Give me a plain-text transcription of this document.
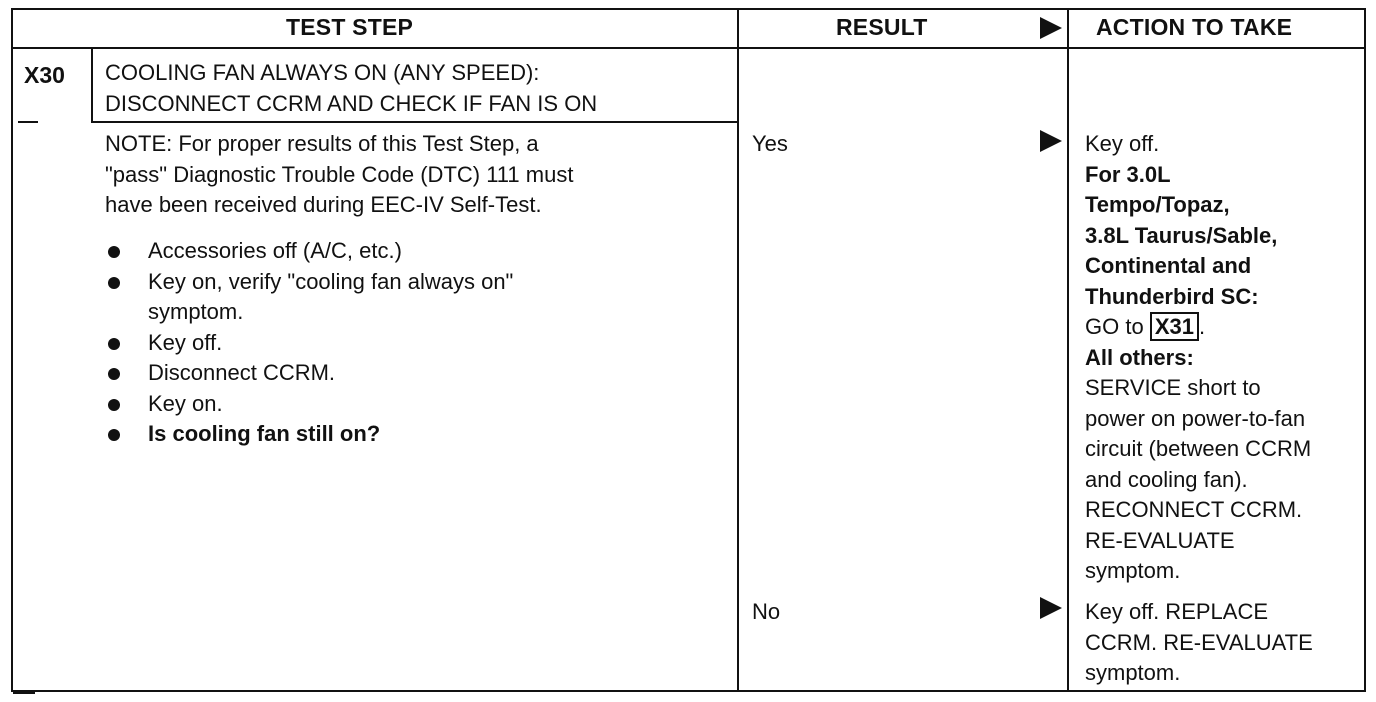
TEST STEP	RESULT	ACTION TO TAKE
X30 COOLING FAN ALWAYS ON (ANY SPEED):
DISCONNECT CCRM AND CHECK IF FAN IS ON
NOTE: For proper results of this Test Step, a
"pass" Diagnostic Trouble Code (DTC) 111 must
have been received during EEC-IV Self-Test.
Accessories off (A/C, etc.)
Key on, verify "cooling fan always on"
symptom.
Key off.
Disconnect CCRM.
Key on.
Is cooling fan still on?
Yes
No
Key off.
For 3.0L
Tempo/Topaz,
3.8L Taurus/Sable,
Continental and
Thunderbird SC:
GO to X31 .
All others:
SERVICE short to
power on power-to-fan
circuit (between CCRM
and cooling fan).
RECONNECT CCRM.
RE-EVALUATE
symptom.
Key off. REPLACE
CCRM. RE-EVALUATE
symptom.
